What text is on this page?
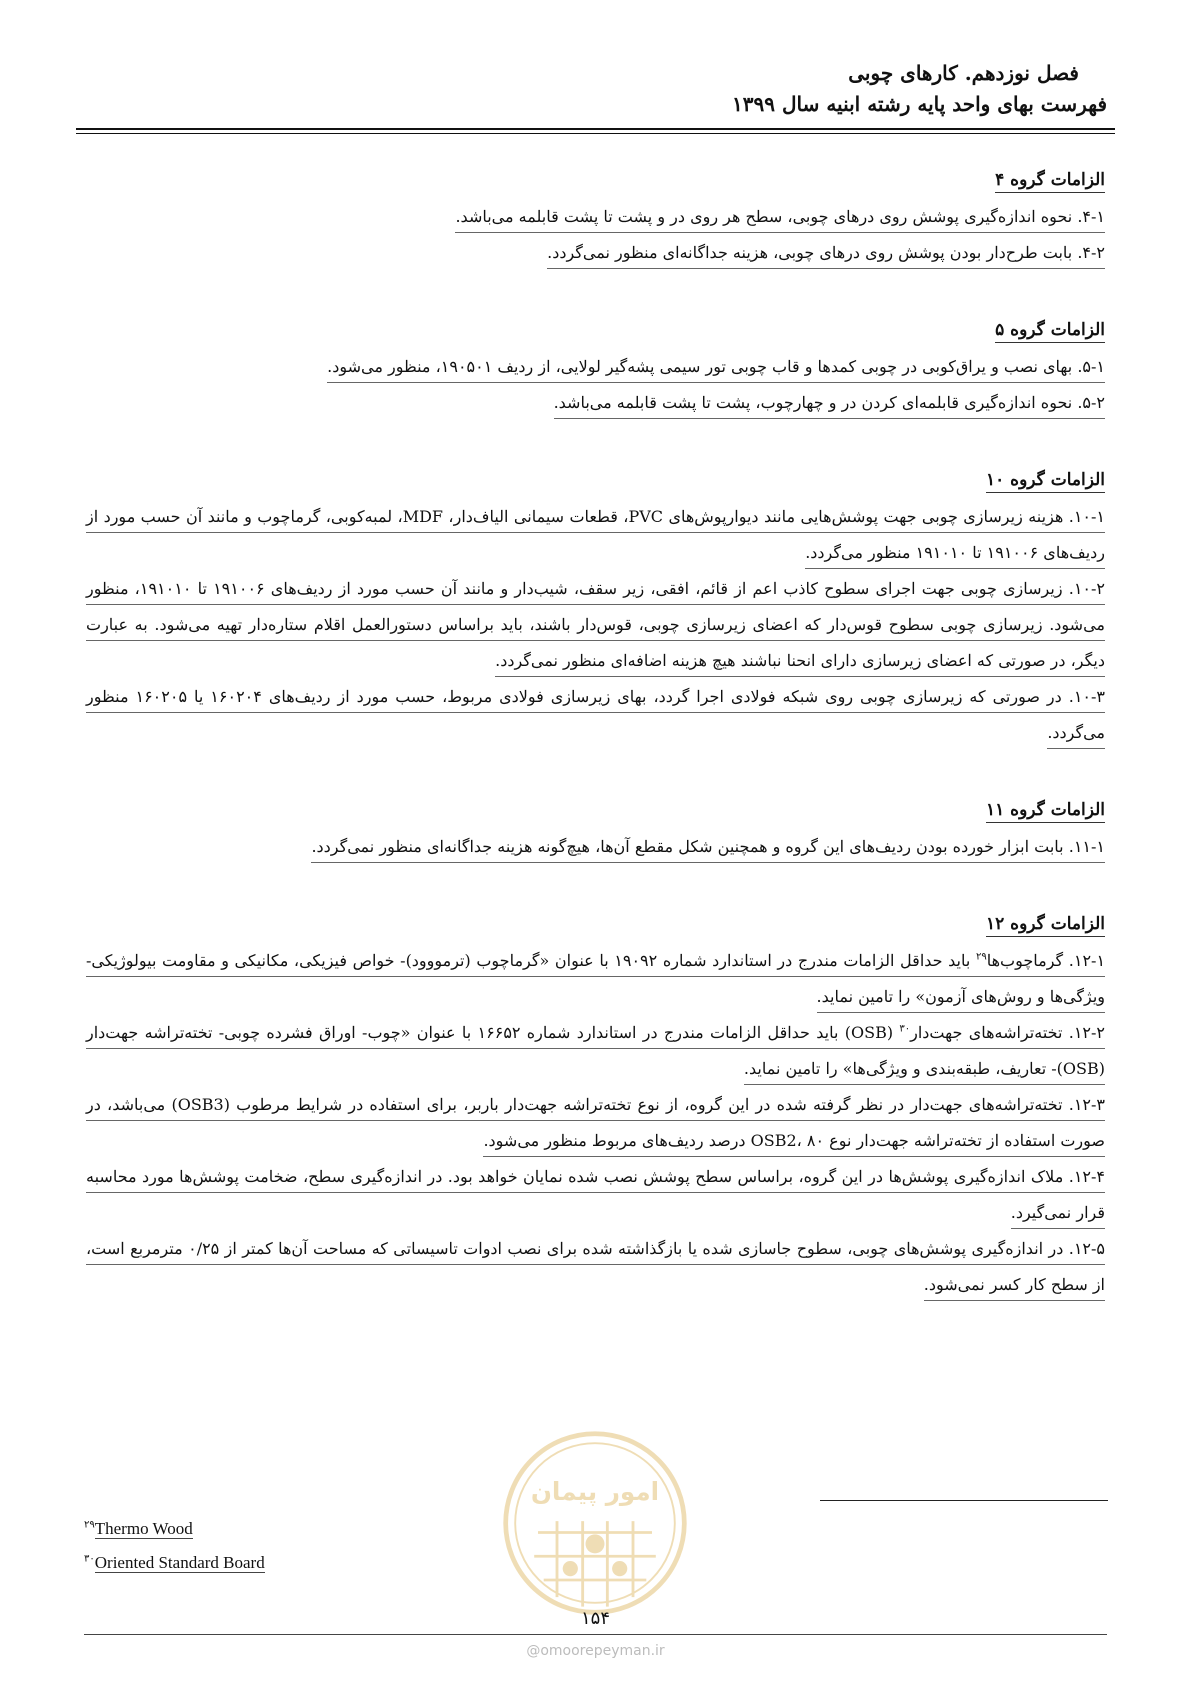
فصل نوزدهم. کارهای چوبی
فهرست بهای واحد پایه رشته ابنیه سال ۱۳۹۹
الزامات گروه ۴
۴-۱. نحوه اندازه‌گیری پوشش روی درهای چوبی، سطح هر روی در و پشت تا پشت قابلمه می‌باشد.
۴-۲. بابت طرح‌دار بودن پوشش روی درهای چوبی، هزینه جداگانه‌ای منظور نمی‌گردد.
الزامات گروه ۵
۵-۱. بهای نصب و یراق‌کوبی در چوبی کمدها و قاب چوبی تور سیمی پشه‌گیر لولایی، از ردیف ۱۹۰۵۰۱، منظور می‌شود.
۵-۲. نحوه اندازه‌گیری قابلمه‌ای کردن در و چهارچوب، پشت تا پشت قابلمه می‌باشد.
الزامات گروه ۱۰
۱۰-۱. هزینه زیرسازی چوبی جهت پوشش‌هایی مانند دیوارپوش‌های PVC، قطعات سیمانی الیاف‌دار، MDF، لمبه‌کوبی، گرماچوب و مانند آن حسب مورد از ردیف‌های ۱۹۱۰۰۶ تا ۱۹۱۰۱۰ منظور می‌گردد.
۱۰-۲. زیرسازی چوبی جهت اجرای سطوح کاذب اعم از قائم، افقی، زیر سقف، شیب‌دار و مانند آن حسب مورد از ردیف‌های ۱۹۱۰۰۶ تا ۱۹۱۰۱۰، منظور می‌شود. زیرسازی چوبی سطوح قوس‌دار که اعضای زیرسازی چوبی، قوس‌دار باشند، باید براساس دستورالعمل اقلام ستاره‌دار تهیه می‌شود. به عبارت دیگر، در صورتی که اعضای زیرسازی دارای انحنا نباشند هیچ هزینه اضافه‌ای منظور نمی‌گردد.
۱۰-۳. در صورتی که زیرسازی چوبی روی شبکه فولادی اجرا گردد، بهای زیرسازی فولادی مربوط، حسب مورد از ردیف‌های ۱۶۰۲۰۴ یا ۱۶۰۲۰۵ منظور می‌گردد.
الزامات گروه ۱۱
۱۱-۱. بابت ابزار خورده بودن ردیف‌های این گروه و همچنین شکل مقطع آن‌ها، هیچ‌گونه هزینه جداگانه‌ای منظور نمی‌گردد.
الزامات گروه ۱۲
۱۲-۱. گرماچوب‌ها$^{۲۹}$ باید حداقل الزامات مندرج در استاندارد شماره ۱۹۰۹۲ با عنوان «گرماچوب (ترمووود)- خواص فیزیکی، مکانیکی و مقاومت بیولوژیکی- ویژگی‌ها و روش‌های آزمون» را تامین نماید.
۱۲-۲. تخته‌تراشه‌های جهت‌دار$^{۳۰}$ (OSB) باید حداقل الزامات مندرج در استاندارد شماره ۱۶۶۵۲ با عنوان «چوب- اوراق فشرده چوبی- تخته‌تراشه جهت‌دار (OSB)- تعاریف، طبقه‌بندی و ویژگی‌ها» را تامین نماید.
۱۲-۳. تخته‌تراشه‌های جهت‌دار در نظر گرفته شده در این گروه، از نوع تخته‌تراشه جهت‌دار باربر، برای استفاده در شرایط مرطوب (OSB3) می‌باشد، در صورت استفاده از تخته‌تراشه جهت‌دار نوع OSB2، ۸۰ درصد ردیف‌های مربوط منظور می‌شود.
۱۲-۴. ملاک اندازه‌گیری پوشش‌ها در این گروه، براساس سطح پوشش نصب شده نمایان خواهد بود. در اندازه‌گیری سطح، ضخامت پوشش‌ها مورد محاسبه قرار نمی‌گیرد.
۱۲-۵. در اندازه‌گیری پوشش‌های چوبی، سطوح جاسازی شده یا بازگذاشته شده برای نصب ادوات تاسیساتی که مساحت آن‌ها کمتر از ۰/۲۵ مترمربع است، از سطح کار کسر نمی‌شود.
امور پیمان
$^{۲۹}$Thermo Wood
$^{۳۰}$Oriented Standard Board
۱۵۴
@omoorepeyman.ir
